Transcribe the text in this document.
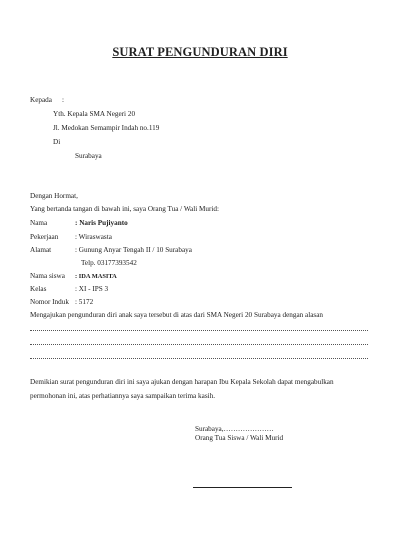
SURAT PENGUNDURAN DIRI
Kepada :
Yth. Kepala SMA Negeri 20
Jl. Medokan Semampir Indah no.119
Di
Surabaya
Dengan Hormat,
Yang bertanda tangan di bawah ini, saya Orang Tua / Wali Murid:
Nama	: Naris Pujiyanto
Pekerjaan : Wiraswasta
Alamat	: Gunung Anyar Tengah II / 10 Surabaya
Telp. 03177393542
Nama siswa : IDA MASITA
Kelas	: XI - IPS 3
Nomor Induk : 5172
Mengajukan pengunduran diri anak saya tersebut di atas dari SMA Negeri 20 Surabaya dengan alasan
Demikian surat pengunduran diri ini saya ajukan dengan harapan Ibu Kepala Sekolah dapat mengabulkan
permohonan ini, atas perhatiannya saya sampaikan terima kasih.
Surabaya,…………………
Orang Tua Siswa / Wali Murid
